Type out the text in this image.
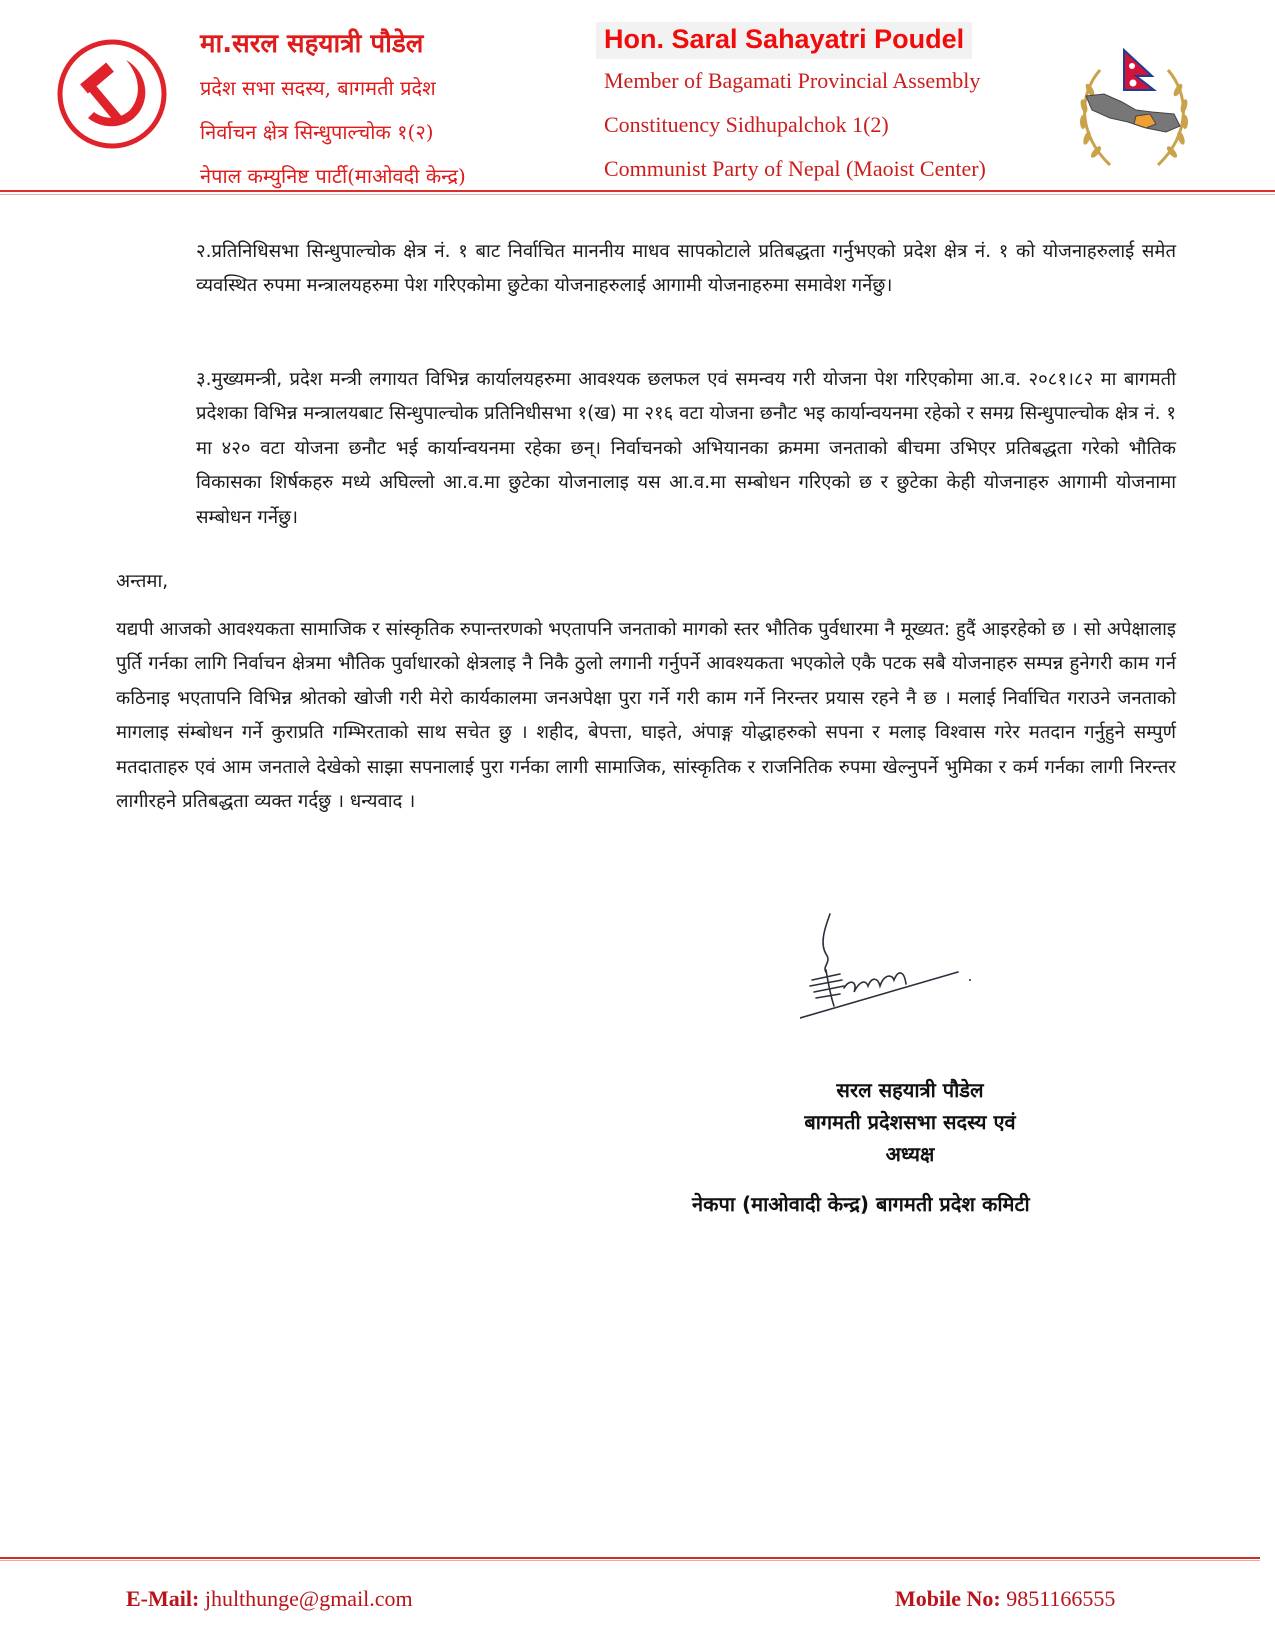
मा.सरल सहयात्री पौडेल
प्रदेश सभा सदस्य, बागमती प्रदेश
निर्वाचन क्षेत्र सिन्धुपाल्चोक १(२)
नेपाल कम्युनिष्ट पार्टी(माओवदी केन्द्र)
Hon. Saral Sahayatri Poudel
Member of Bagamati Provincial Assembly
Constituency Sidhupalchok 1(2)
Communist Party of Nepal (Maoist Center)

२.प्रतिनिधिसभा सिन्धुपाल्चोक क्षेत्र नं. १ बाट निर्वाचित माननीय माधव सापकोटाले प्रतिबद्धता गर्नुभएको प्रदेश क्षेत्र नं. १ को योजनाहरुलाई समेत व्यवस्थित रुपमा मन्त्रालयहरुमा पेश गरिएकोमा छुटेका योजनाहरुलाई आगामी योजनाहरुमा समावेश गर्नेछु।

३.मुख्यमन्त्री, प्रदेश मन्त्री लगायत विभिन्न कार्यालयहरुमा आवश्यक छलफल एवं समन्वय गरी योजना पेश गरिएकोमा आ.व. २०८१।८२ मा बागमती प्रदेशका विभिन्न मन्त्रालयबाट सिन्धुपाल्चोक प्रतिनिधीसभा १(ख) मा २१६ वटा योजना छनौट भइ कार्यान्वयनमा रहेको र समग्र सिन्धुपाल्चोक क्षेत्र नं. १ मा ४२० वटा योजना छनौट भई कार्यान्वयनमा रहेका छन्। निर्वाचनको अभियानका क्रममा जनताको बीचमा उभिएर प्रतिबद्धता गरेको भौतिक विकासका शिर्षकहरु मध्ये अघिल्लो आ.व.मा छुटेका योजनालाइ यस आ.व.मा सम्बोधन गरिएको छ र छुटेका केही योजनाहरु आगामी योजनामा सम्बोधन गर्नेछु।

अन्तमा,

यद्यपी आजको आवश्यकता सामाजिक र सांस्कृतिक रुपान्तरणको भएतापनि जनताको मागको स्तर भौतिक पुर्वधारमा नै मूख्यत: हुदैं आइरहेको छ । सो अपेक्षालाइ पुर्ति गर्नका लागि निर्वाचन क्षेत्रमा भौतिक पुर्वाधारको क्षेत्रलाइ नै निकै ठुलो लगानी गर्नुपर्ने आवश्यकता भएकोले एकै पटक सबै योजनाहरु सम्पन्न हुनेगरी काम गर्न कठिनाइ भएतापनि विभिन्न श्रोतको खोजी गरी मेरो कार्यकालमा जनअपेक्षा पुरा गर्ने गरी काम गर्ने निरन्तर प्रयास रहने नै छ । मलाई निर्वाचित गराउने जनताको मागलाइ संम्बोधन गर्ने कुराप्रति गम्भिरताको साथ सचेत छु । शहीद, बेपत्ता, घाइते, अंपाङ्ग योद्धाहरुको सपना र मलाइ विश्वास गरेर मतदान गर्नुहुने सम्पुर्ण मतदाताहरु एवं आम जनताले देखेको साझा सपनालाई पुरा गर्नका लागी सामाजिक, सांस्कृतिक र राजनितिक रुपमा खेल्नुपर्ने भुमिका र कर्म गर्नका लागी निरन्तर लागीरहने प्रतिबद्धता व्यक्त गर्दछु । धन्यवाद ।

सरल सहयात्री पौडेल
बागमती प्रदेशसभा सदस्य एवं
अध्यक्ष
नेकपा (माओवादी केन्द्र) बागमती प्रदेश कमिटी
E-Mail: jhulthunge@gmail.com	Mobile No: 9851166555
